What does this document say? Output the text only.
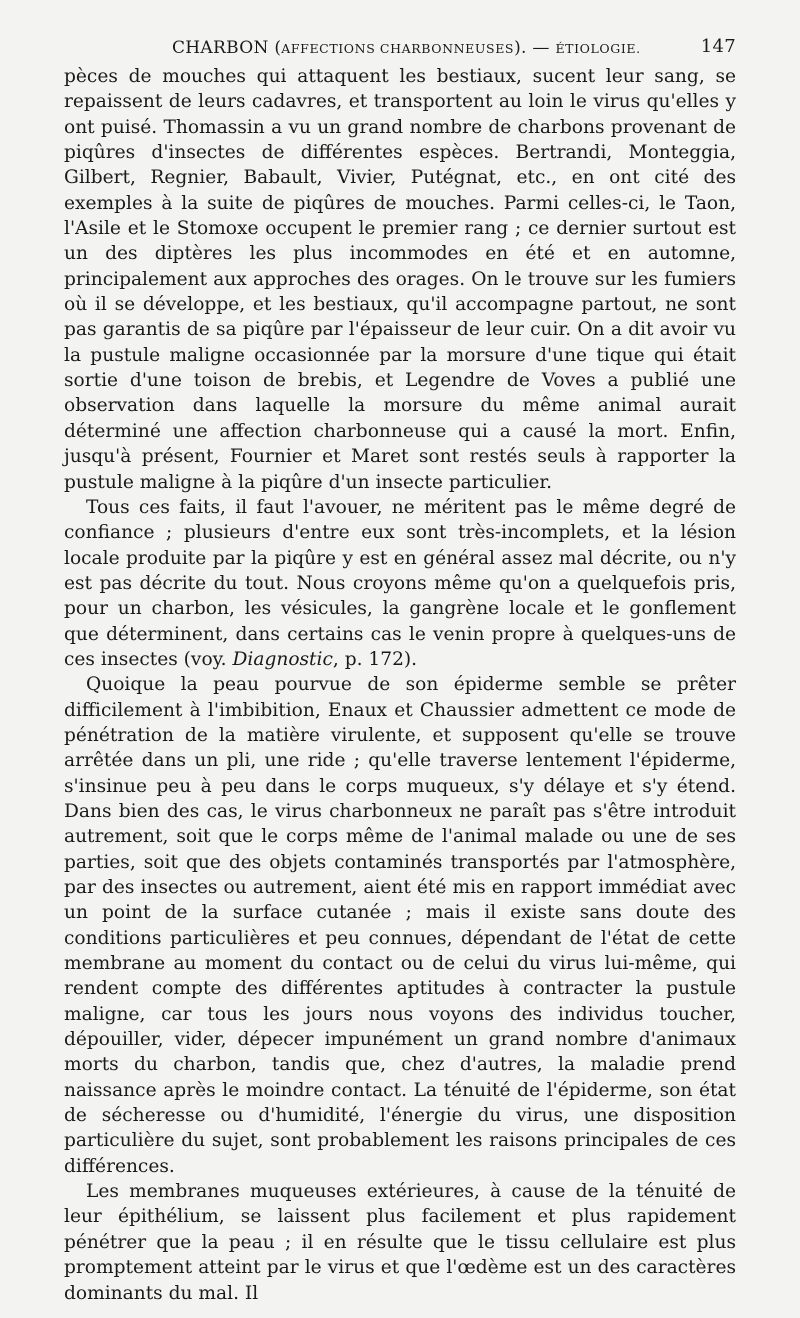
CHARBON (AFFECTIONS CHARBONNEUSES). — ÉTIOLOGIE.	147

pèces de mouches qui attaquent les bestiaux, sucent leur sang, se repaissent de leurs cadavres, et transportent au loin le virus qu'elles y ont puisé. Thomassin a vu un grand nombre de charbons provenant de piqûres d'insectes de différentes espèces. Bertrandi, Monteggia, Gilbert, Regnier, Babault, Vivier, Putégnat, etc., en ont cité des exemples à la suite de piqûres de mouches. Parmi celles-ci, le Taon, l'Asile et le Stomoxe occupent le premier rang ; ce dernier surtout est un des diptères les plus incommodes en été et en automne, principalement aux approches des orages. On le trouve sur les fumiers où il se développe, et les bestiaux, qu'il accompagne partout, ne sont pas garantis de sa piqûre par l'épaisseur de leur cuir. On a dit avoir vu la pustule maligne occasionnée par la morsure d'une tique qui était sortie d'une toison de brebis, et Legendre de Voves a publié une observation dans laquelle la morsure du même animal aurait déterminé une affection charbonneuse qui a causé la mort. Enfin, jusqu'à présent, Fournier et Maret sont restés seuls à rapporter la pustule maligne à la piqûre d'un insecte particulier.

Tous ces faits, il faut l'avouer, ne méritent pas le même degré de confiance ; plusieurs d'entre eux sont très-incomplets, et la lésion locale produite par la piqûre y est en général assez mal décrite, ou n'y est pas décrite du tout. Nous croyons même qu'on a quelquefois pris, pour un charbon, les vésicules, la gangrène locale et le gonflement que déterminent, dans certains cas le venin propre à quelques-uns de ces insectes (voy. Diagnostic, p. 172).

Quoique la peau pourvue de son épiderme semble se prêter difficilement à l'imbibition, Enaux et Chaussier admettent ce mode de pénétration de la matière virulente, et supposent qu'elle se trouve arrêtée dans un pli, une ride ; qu'elle traverse lentement l'épiderme, s'insinue peu à peu dans le corps muqueux, s'y délaye et s'y étend. Dans bien des cas, le virus charbonneux ne paraît pas s'être introduit autrement, soit que le corps même de l'animal malade ou une de ses parties, soit que des objets contaminés transportés par l'atmosphère, par des insectes ou autrement, aient été mis en rapport immédiat avec un point de la surface cutanée ; mais il existe sans doute des conditions particulières et peu connues, dépendant de l'état de cette membrane au moment du contact ou de celui du virus lui-même, qui rendent compte des différentes aptitudes à contracter la pustule maligne, car tous les jours nous voyons des individus toucher, dépouiller, vider, dépecer impunément un grand nombre d'animaux morts du charbon, tandis que, chez d'autres, la maladie prend naissance après le moindre contact. La ténuité de l'épiderme, son état de sécheresse ou d'humidité, l'énergie du virus, une disposition particulière du sujet, sont probablement les raisons principales de ces différences.

Les membranes muqueuses extérieures, à cause de la ténuité de leur épithélium, se laissent plus facilement et plus rapidement pénétrer que la peau ; il en résulte que le tissu cellulaire est plus promptement atteint par le virus et que l'œdème est un des caractères dominants du mal. Il
